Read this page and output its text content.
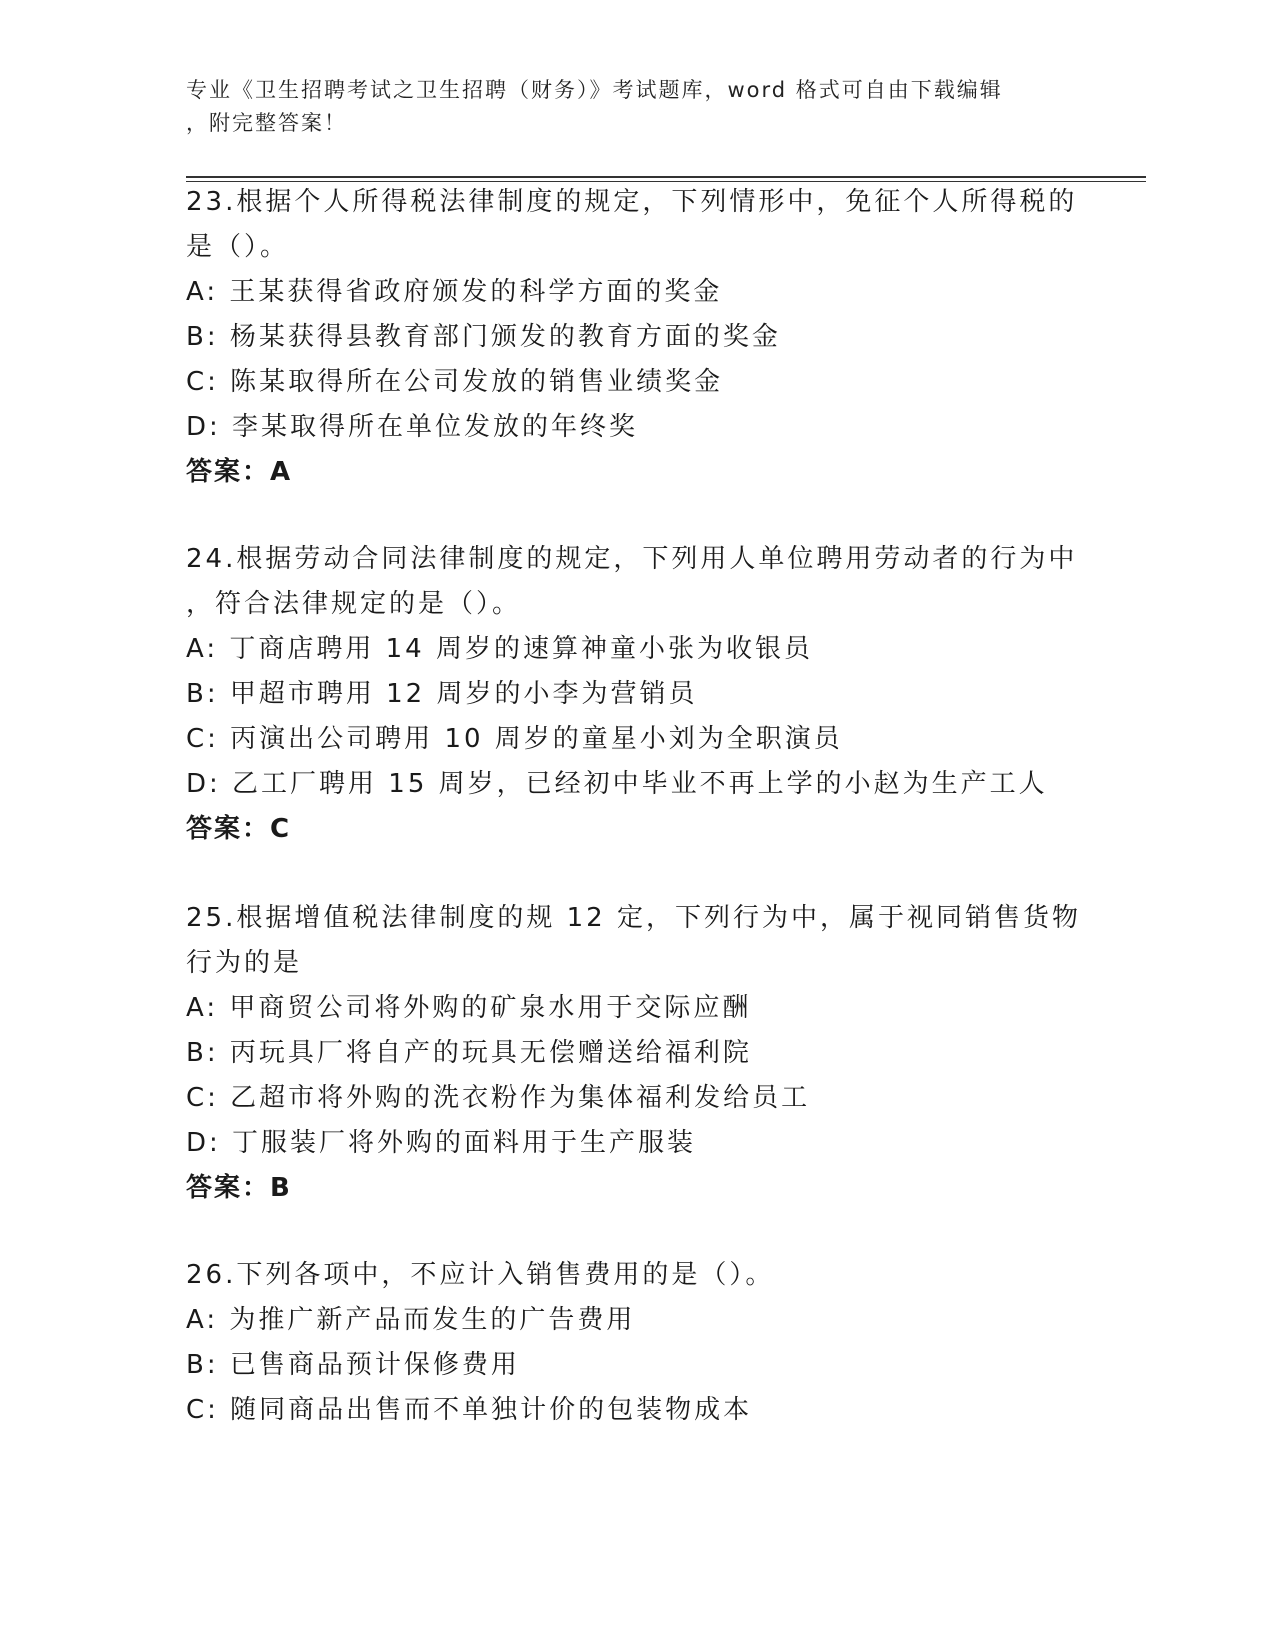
专业《卫生招聘考试之卫生招聘（财务）》考试题库，word 格式可自由下载编辑
，附完整答案！
23.根据个人所得税法律制度的规定，下列情形中，免征个人所得税的
是（）。
A: 王某获得省政府颁发的科学方面的奖金
B: 杨某获得县教育部门颁发的教育方面的奖金
C: 陈某取得所在公司发放的销售业绩奖金
D: 李某取得所在单位发放的年终奖
答案：A
24.根据劳动合同法律制度的规定，下列用人单位聘用劳动者的行为中
，符合法律规定的是（）。
A: 丁商店聘用 14 周岁的速算神童小张为收银员
B: 甲超市聘用 12 周岁的小李为营销员
C: 丙演出公司聘用 10 周岁的童星小刘为全职演员
D: 乙工厂聘用 15 周岁，已经初中毕业不再上学的小赵为生产工人
答案：C
25.根据增值税法律制度的规 12 定，下列行为中，属于视同销售货物
行为的是
A: 甲商贸公司将外购的矿泉水用于交际应酬
B: 丙玩具厂将自产的玩具无偿赠送给福利院
C: 乙超市将外购的洗衣粉作为集体福利发给员工
D: 丁服装厂将外购的面料用于生产服装
答案：B
26.下列各项中，不应计入销售费用的是（）。
A: 为推广新产品而发生的广告费用
B: 已售商品预计保修费用
C: 随同商品出售而不单独计价的包装物成本
